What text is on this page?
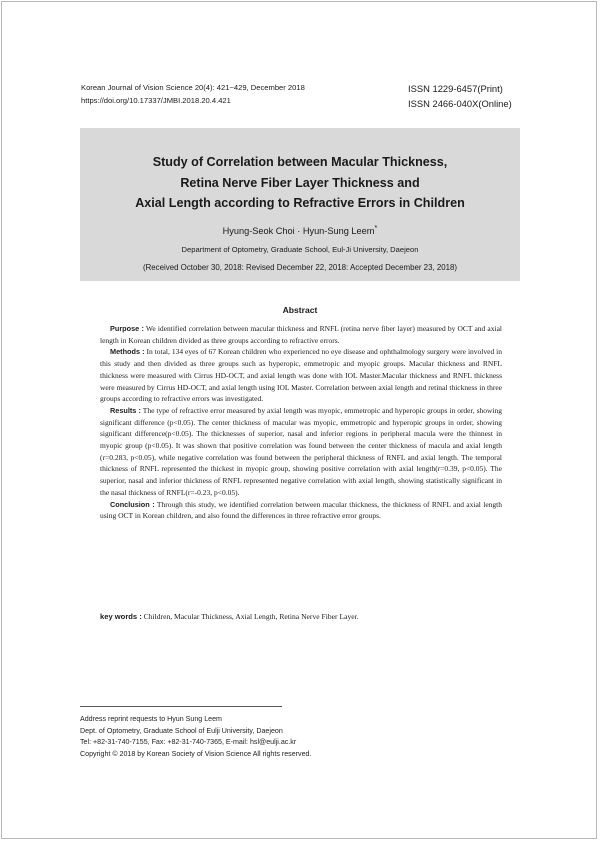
Korean Journal of Vision Science 20(4): 421~429, December 2018
https://doi.org/10.17337/JMBI.2018.20.4.421
ISSN 1229-6457(Print)
ISSN 2466-040X(Online)
Study of Correlation between Macular Thickness,
Retina Nerve Fiber Layer Thickness and
Axial Length according to Refractive Errors in Children
Hyung-Seok Choi · Hyun-Sung Leem*
Department of Optometry, Graduate School, Eul-Ji University, Daejeon
(Received October 30, 2018: Revised December 22, 2018: Accepted December 23, 2018)
Abstract

Purpose : We identified correlation between macular thickness and RNFL (retina nerve fiber layer) measured by OCT and axial length in Korean children divided as three groups according to refractive errors.

Methods : In total, 134 eyes of 67 Korean children who experienced no eye disease and ophthalmology surgery were involved in this study and then divided as three groups such as hyperopic, emmetropic and myopic groups. Macular thickness and RNFL thickness were measured with Cirrus HD-OCT, and axial length was done with IOL Master.Macular thickness and RNFL thickness were measured by Cirrus HD-OCT, and axial length using IOL Master. Correlation between axial length and retinal thickness in three groups according to refractive errors was investigated.

Results : The type of refractive error measured by axial length was myopic, emmetropic and hyperopic groups in order, showing significant difference (p<0.05). The center thickness of macular was myopic, emmetropic and hyperopic groups in order, showing significant difference(p<0.05). The thicknesses of superior, nasal and inferior regions in peripheral macula were the thinnest in myopic group (p<0.05). It was shown that positive correlation was found between the center thickness of macula and axial length (r=0.283, p<0.05), while negative correlation was found between the peripheral thickness of RNFL and axial length. The temporal thickness of RNFL represented the thickest in myopic group, showing positive correlation with axial length(r=0.39, p<0.05). The superior, nasal and inferior thickness of RNFL represented negative correlation with axial length, showing statistically significant in the nasal thickness of RNFL(r=-0.23, p<0.05).

Conclusion : Through this study, we identified correlation between macular thickness, the thickness of RNFL and axial length using OCT in Korean children, and also found the differences in three refractive error groups.

key words : Children, Macular Thickness, Axial Length, Retina Nerve Fiber Layer.
Address reprint requests to Hyun Sung Leem
Dept. of Optometry, Graduate School of Eulji University, Daejeon
Tel: +82-31-740-7155, Fax: +82-31-740-7365, E-mail: hsl@eulji.ac.kr
Copyright © 2018 by Korean Society of Vision Science All rights reserved.
